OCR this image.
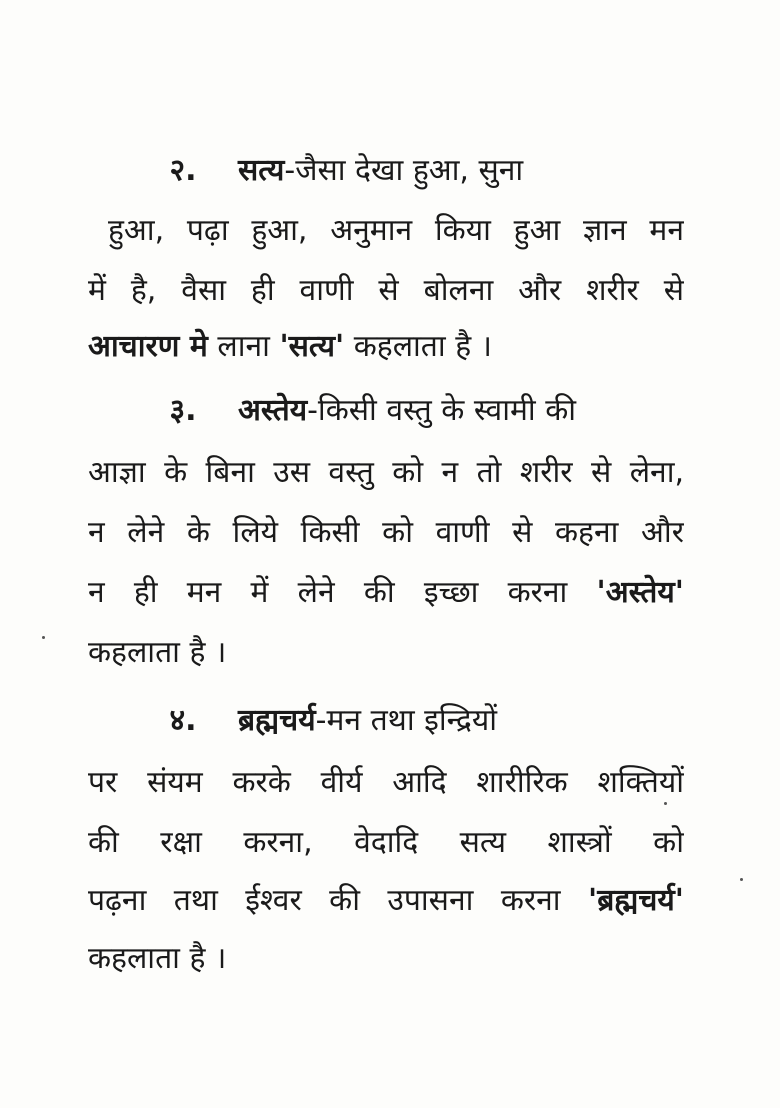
२. सत्य-जैसा देखा हुआ, सुना
हुआ, पढ़ा हुआ, अनुमान किया हुआ ज्ञान मन
में है, वैसा ही वाणी से बोलना और शरीर से
आचारण मे लाना 'सत्य' कहलाता है ।
३. अस्तेय-किसी वस्तु के स्वामी की
आज्ञा के बिना उस वस्तु को न तो शरीर से लेना,
न लेने के लिये किसी को वाणी से कहना और
न ही मन में लेने की इच्छा करना 'अस्तेय'
कहलाता है ।
४. ब्रह्मचर्य-मन तथा इन्द्रियों
पर संयम करके वीर्य आदि शारीरिक शक्तियों
की रक्षा करना, वेदादि सत्य शास्त्रों को
पढ़ना तथा ईश्वर की उपासना करना 'ब्रह्मचर्य'
कहलाता है ।
